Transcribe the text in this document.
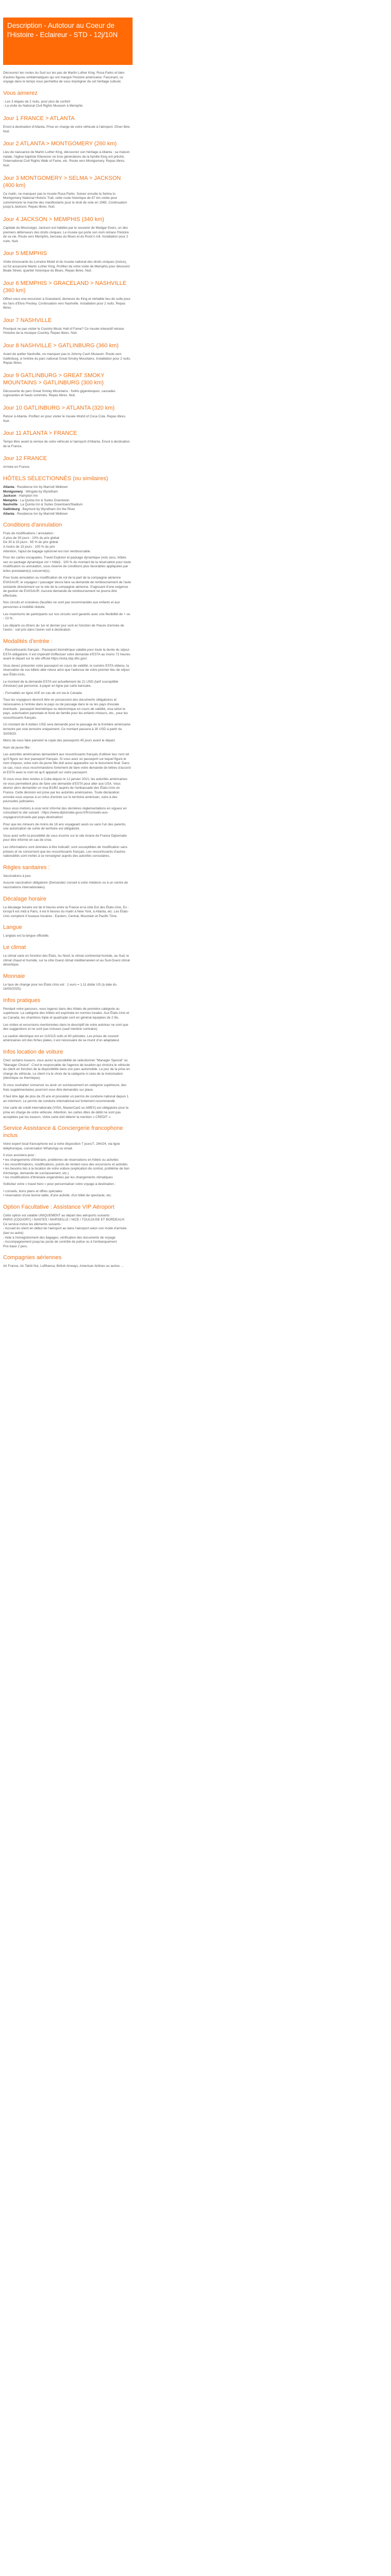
Description - Autotour au Coeur de l'Histoire - Eclaireur - STD - 12j/10N

Découvrez les routes du Sud sur les pas de Martin Luther King: Rosa Parks et bien d'autres figures emblématiques qui ont marqué l'histoire américaine. Fascinant, ce voyage dans le temps vous permettra de vous imprégner de cet héritage culturel.

Vous aimerez
- Les 3 étapes de 2 nuits, pour plus de confort
- La visite du National Civil Rights Museum à Memphis
Jour 1 FRANCE > ATLANTA

Envol à destination d'Atlanta. Prise en charge de votre véhicule à l'aéroport. Dîner libre. Nuit.

Jour 2 ATLANTA > MONTGOMERY (260 km)

Lieu de naissance de Martin Luther King, découvrez son héritage à Atlanta : sa maison natale, l'église baptiste Ebenezer où trois générations de la famille King ont prêché, l'International Civil Rights Walk of Fame, etc. Route vers Montgomery. Repas libres. Nuit.

Jour 3 MONTGOMERY > SELMA > JACKSON (400 km)

Ce matin, ne manquez pas le musée Rosa Parks. Suivez ensuite la Selma to Montgomery National Historic Trail, cette route historique de 87 km créée pour commémorer la marche des manifestants pour le droit de vote en 1965. Continuation jusqu'à Jackson. Repas libres. Nuit.

Jour 4 JACKSON > MEMPHIS (340 km)

Capitale du Mississippi, Jackson est habitée par le souvenir de Medgar Evers, un des premiers défenseurs des droits civiques. Le musée qui porte son nom retrace l'histoire de sa vie. Route vers Memphis, berceau du Blues et du Rock'n roll. Installation pour 2 nuits. Nuit.

Jour 5 MEMPHIS

Visite émouvante du Lorraine Motel et du musée national des droits civiques (inclus), où fut assassiné Martin Luther King. Profitez de votre visite de Memphis pour découvrir Beale Street, quartier historique du Blues. Repas libres. Nuit.

Jour 6 MEMPHIS > GRACELAND > NASHVILLE (360 km)

Offrez-vous une excursion à Graceland, demeure du King et véritable lieu de culte pour les fans d'Elvis Presley. Continuation vers Nashville. Installation pour 2 nuits. Repas libres.

Jour 7 NASHVILLE

Pourquoi ne pas visiter le Country Music Hall of Fame? Ce musée interactif retrace l'histoire de la musique Country. Repas libres. Nuit.

Jour 8 NASHVILLE > GATLINBURG (360 km)

Avant de quitter Nashville, ne manquez pas le Johnny Cash Museum. Route vers Gatlinburg, à l'entrée du parc national Great Smoky Mountains. Installation pour 2 nuits. Repas libres.

Jour 9 GATLINBURG > GREAT SMOKY MOUNTAINS > GATLINBURG (300 km)

Découverte du parc Great Smoky Mountains : forêts gigantesques, cascades rugissantes et hauts sommets. Repas libres. Nuit.

Jour 10 GATLINBURG > ATLANTA (320 km)

Retour à Atlanta. Profitez en pour visiter le musée World of Coca Cola. Repas libres. Nuit.

Jour 11 ATLANTA > FRANCE

Temps libre avant la remise de votre véhicule à l'aéroport d'Atlanta. Envol à destination de la France.

Jour 12 FRANCE

Arrivée en France.

HÔTELS SÉLECTIONNÉS (ou similaires)
Atlanta : Residence Inn by Marriott Midtown
Montgomery : Wingate by Wyndham
Jackson : Hampton Inn
Memphis : La Quinta Inn & Suites Downtown
Nashville : La Quinta Inn & Suites Downtown/Stadium
Gatlinburg : Baymont by Wyndham On the River
Atlanta : Residence Inn by Marriott Midtown
Conditions d'annulation
Frais de modifications / annulation :
A plus de 30 jours : 10% du prix global
De 30 à 15 jours : 65 % du prix global
A moins de 15 jours : 100 % du prix
Attention, l'ajout de bagage optionnel est non remboursable.

Pour les cartes escapades, Travel Explorer et package dynamique (vols secs, hôtels sec ou package dynamique vol + hôtel) : 100 % du montant de la réservation pour toute modification ou annulation, sous réserve de conditions plus favorables appliquées par le/les prestataire(s) concerné(s).

Pour toute annulation ou modification de vol de la part de la compagnie aérienne EVASAUR, le voyageur / passager devra faire sa demande de remboursement de l'acte existante directement sur le site de la compagnie aérienne. S'agissant d'une exigence de gestion de EVASAUR. Aucune demande de remboursement ne pourra être effectuée.

Nos circuits et croisières (facultés ne sont pas recommandés aux enfants et aux personnes à mobilité réduite.

Les maximums de participants sur nos circuits sont garantis avec une flexibilité de + ou - 10 %.

Les départs ou dîners du 1er et dernier jour sont en fonction de l'heure d'arrivée de l'avion : soit pris dans l'avion soit à destination.

Modalités d'entrée :

- Ressortissants français : Passeport biométrique valable pour toute la durée du séjour. ESTA obligatoire. Il est impératif d'effectuer votre demande d'ESTA au moins 72 heures avant le départ sur le site officiel https://esta.cbp.dhs.gov/.

Vous devez présenter votre passeport en cours de validité, le numéro ESTA obtenu, la réservation de vos billets aller-retour ainsi que l'adresse de votre premier lieu de séjour aux États-Unis.

Le montant de la demande ESTA est actuellement de 21 USD (tarif susceptible d'évoluer) par personne, à payer en ligne par carte bancaire.

- Formalités en ligne AVE en cas de vol via le Canada.

Tous les voyageurs devront être en possession des documents obligatoires et nécessaires à l'entrée dans le pays ou de passage dans le ou les pays d'escale éventuels : passeport biométrique ou électronique en cours de validité, visa selon le pays, autorisation parentale et livret de famille pour les enfants mineurs, etc., pour les ressortissants français.

Un montant de 6 dollars USD sera demandé pour le passage de la frontière américaine terrestre par voie terrestre uniquement. Ce montant passera à 30 USD à partir du 30/09/25.

Merci de vous faire parvenir la copie des passeports 45 jours avant le départ.

Nom de jeune fille :

Les autorités américaines demandent aux ressortissants français d'utiliser leur nom tel qu'il figure sur leur passeport français. Si vous avez un passeport sur lequel figure le nom d'époux, votre nom de jeune fille doit aussi apparaître sur le document final. Dans ce cas, nous vous recommandons fortement de faire votre demande de lettres d'accord et ESTA avec le nom tel qu'il apparaît sur votre passeport.

Si vous vous êtes rendus à Cuba depuis le 12 janvier 2021, les autorités américaines ne vous permettent plus de faire une demande d'ESTA pour aller aux USA. Vous devrez alors demander un visa B1/B2 auprès de l'ambassade des États-Unis en France. Cette décision est prise par les autorités américaines. Toute déclaration erronée vous expose à un refus d'entrée sur le territoire américain, voire à des poursuites judiciaires.

Nous vous invitons à vous tenir informé des dernières réglementations en vigueur en consultant le site suivant : https://www.diplomatie.gouv.fr/fr/conseils-aux-voyageurs/conseils-par-pays-destination/

Pour que les mineurs de moins de 18 ans voyageant seuls ou sans l'un des parents, une autorisation de sortie de territoire est obligatoire.

Vous avez enfin la possibilité de vous inscrire sur le site Ariane de France Diplomatie pour être informé en cas de crise.

Les informations sont données à titre indicatif, sont susceptibles de modification sans préavis et ne concernent que les ressortissants français. Les ressortissants d'autres nationalités sont invités à se renseigner auprès des autorités consulaires.

Règles sanitaires :

Vaccinations à jour.

Aucune vaccination obligatoire (Demandez conseil à votre médecin ou à un centre de vaccinations internationales).

Décalage horaire

Le décalage horaire est de 6 heures entre la France et la côte Est des États-Unis. Ex : lorsqu'il est midi à Paris, il est 6 heures du matin à New York, à Atlanta, etc. Les États-Unis comptent 4 fuseaux horaires : Eastern, Central, Mountain et Pacific Time.

Langue

L'anglais est la langue officielle.

Le climat

Le climat varie en fonction des États. Au Nord, le climat continental humide, au Sud, le climat chaud et humide, sur la côte Ouest climat méditerranéen et au Sud-Ouest climat désertique.

Monnaie

Le taux de change pour les États-Unis est : 1 euro = 1.11 dollar US (à date du 16/05/2025).

Infos pratiques

Pendant votre parcours, vous logerez dans des hôtels de première catégorie ou supérieure. La catégorie des hôtels est exprimée en normes locales. Aux États-Unis et au Canada, les chambres triple et quadruple sont en général équipées de 2 lits.

Les visites et excursions mentionnées dans le descriptif de votre autotour ne sont que des suggestions et ne sont pas incluses (sauf mention contraire).

La caution électrique est en 110/115 volts et 60 périodes. Les prises de courant américaines ont des fiches plates, il est nécessaire de se munir d'un adaptateur.

Infos location de voiture

Chez certains loueurs, vous aurez la possibilité de sélectionner "Manager Special" ou "Manager Choice". C'est le responsable de l'agence de location qui choisira le véhicule du client en fonction de la disponibilité dans son parc automobile. Le jour de la prise en charge du véhicule, Le client n'a le choix de la catégorie ni celui de la motorisation (électrique ou thermique).

Si vous souhaitez conserver ou avoir un surclassement en catégorie supérieure, des frais supplémentaires pourront vous être demandés sur place.

Il faut être âgé de plus de 25 ans et posséder un permis de conduire national depuis 1 an minimum. Le permis de conduire international est fortement recommandé.

Une carte de crédit internationale (VISA, MasterCard ou AMEX) est obligatoire pour la prise en charge de votre véhicule. Attention, les cartes dites de débit ne sont pas acceptées par les loueurs. Votre carte doit détenir la mention « CREDIT ».

Service Assistance & Conciergerie francophone inclus

Votre expert local francophone est à votre disposition 7 jours/7, 24h/24, via ligne téléphonique, conversation WhatsApp ou email.

Il vous assistera pour :
• les changements d'itinéraire, problèmes de réservations en hôtels ou activités
• les reconfirmations, modifications, points de rendez-vous des excursions et activités
• les besoins liés à la location de votre voiture (explication de contrat, problème de bon d'échange, demande de surclassement, etc.)
• les modifications d'itinéraire engendrées par les changements climatiques

Sollicitez votre « travel hero » pour personnaliser votre voyage à destination :

• conseils, bons plans et offres spéciales
• réservation d'une bonne table, d'une activité, d'un billet de spectacle, etc.
Option Facultative : Assistance VIP Aéroport
Cette option est valable UNIQUEMENT au départ des aéroports suivants :
PARIS (CDG/ORY) / NANTES / MARSEILLE / NICE / TOULOUSE ET BORDEAUX
Ce service inclus les éléments suivants :
- Accueil du client en début de l'aéroport au dans l'aéroport selon son mode d'arrivée (taxi ou autre)
- Aide à l'enregistrement des bagages, vérification des documents de voyage
- Accompagnement jusqu'au poste de contrôle de police ou à l'embarquement
Prix base 2 pers.
Compagnies aériennes

Air France, Air Tahiti Nui, Lufthansa, British Airways, American Airlines ou autres …
